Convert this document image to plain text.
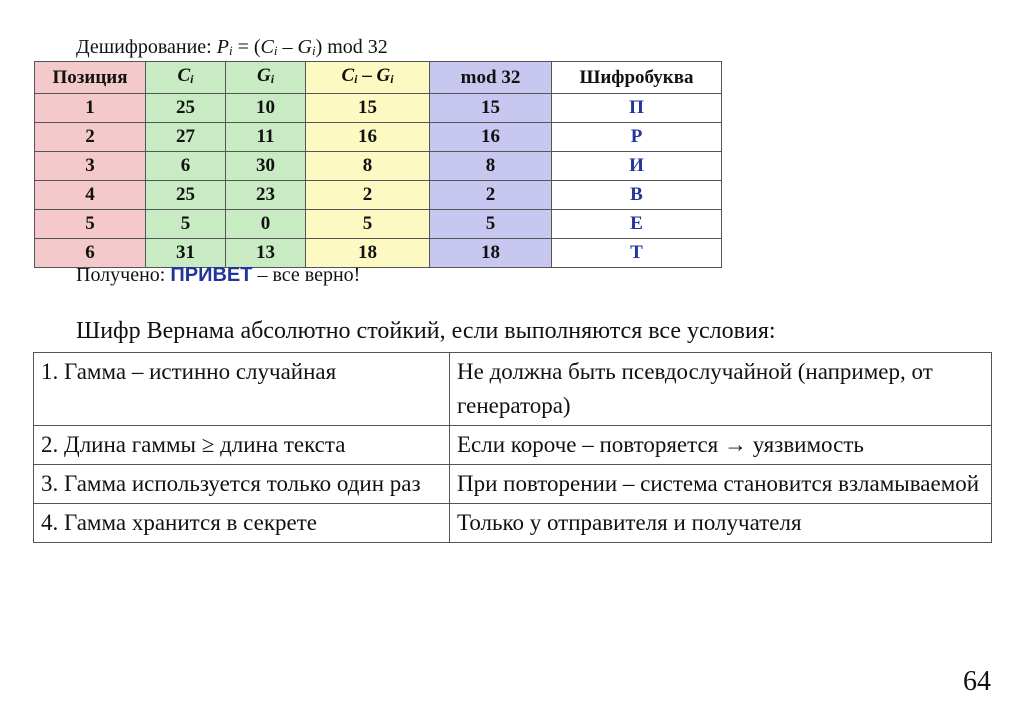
Дешифрование: $P_i = (C_i - G_i)$ mod 32
Позиция	$C_i$	$G_i$	$C_i - G_i$	mod 32	Шифробуква
1	25	10	15	15	П
2	27	11	16	16	Р
3	6	30	8	8	И
4	25	23	2	2	В
5	5	0	5	5	Е
6	31	13	18	18	Т
Получено: ПРИВЕТ – все верно!
Шифр Вернама абсолютно стойкий, если выполняются все условия:
1. Гамма – истинно случайная	Не должна быть псевдослучайной (например, от генератора)
2. Длина гаммы ≥ длина текста	Если короче – повторяется → уязвимость
3. Гамма используется только один раз	При повторении – система становится взламываемой
4. Гамма хранится в секрете	Только у отправителя и получателя
64
